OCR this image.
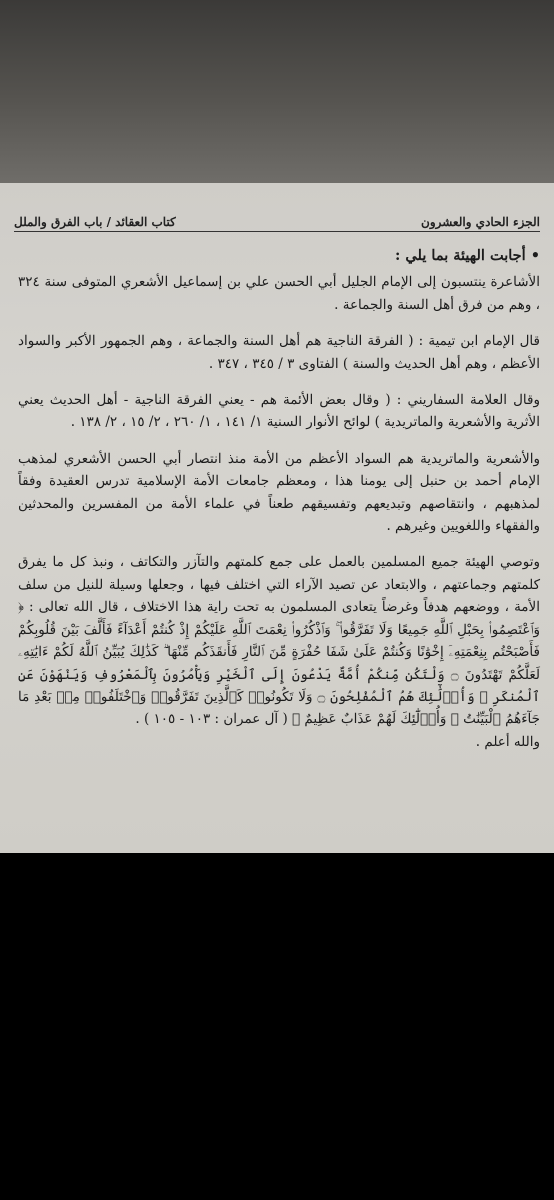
كتاب العقائد / باب الفرق والملل	الجزء الحادي والعشرون

• أجابت الهيئة بما يلي :

الأشاعرة ينتسبون إلى الإمام الجليل أبي الحسن علي بن إسماعيل الأشعري المتوفى سنة ٣٢٤ ، وهم من فرق أهل السنة والجماعة .

قال الإمام ابن تيمية : ( الفرقة الناجية هم أهل السنة والجماعة ، وهم الجمهور الأكبر والسواد الأعظم ، وهم أهل الحديث والسنة ) الفتاوى ٣ / ٣٤٥ ، ٣٤٧ .

وقال العلامة السفاريني : ( وقال بعض الأئمة هم - يعني الفرقة الناجية - أهل الحديث يعني الأثرية والأشعرية والماتريدية ) لوائح الأنوار السنية ١/ ١٤١ ، ١/ ٢٦٠ ، ٢/ ١٥ ، ٢/ ١٣٨ .

والأشعرية والماتريدية هم السواد الأعظم من الأمة منذ انتصار أبي الحسن الأشعري لمذهب الإمام أحمد بن حنبل إلى يومنا هذا ، ومعظم جامعات الأمة الإسلامية تدرس العقيدة وفقاً لمذهبهم ، وانتقاصهم وتبديعهم وتفسيقهم طعناً في علماء الأمة من المفسرين والمحدثين والفقهاء واللغويين وغيرهم .

وتوصي الهيئة جميع المسلمين بالعمل على جمع كلمتهم والتآزر والتكاتف ، ونبذ كل ما يفرق كلمتهم وجماعتهم ، والابتعاد عن تصيد الآراء التي اختلف فيها ، وجعلها وسيلة للنيل من سلف الأمة ، ووضعهم هدفاً وغرضاً يتعادى المسلمون به تحت راية هذا الاختلاف ، قال الله تعالى : ﴿ وَٱعْتَصِمُوا۟ بِحَبْلِ ٱللَّهِ جَمِيعًا وَلَا تَفَرَّقُوا۟ ۚ وَٱذْكُرُوا۟ نِعْمَتَ ٱللَّهِ عَلَيْكُمْ إِذْ كُنتُمْ أَعْدَآءً فَأَلَّفَ بَيْنَ قُلُوبِكُمْ فَأَصْبَحْتُم بِنِعْمَتِهِۦٓ إِخْوَٰنًا وَكُنتُمْ عَلَىٰ شَفَا حُفْرَةٍ مِّنَ ٱلنَّارِ فَأَنقَذَكُم مِّنْهَا ۗ كَذَٰلِكَ يُبَيِّنُ ٱللَّهُ لَكُمْ ءَايَٰتِهِۦ لَعَلَّكُمْ تَهْتَدُونَ ۝ وَلْتَكُن مِّنكُمْ أُمَّةٌ يَدْعُونَ إِلَى ٱلْخَيْرِ وَيَأْمُرُونَ بِٱلْمَعْرُوفِ وَيَنْهَوْنَ عَنِ ٱلْمُنكَرِ ۚ وَأُو۟لَٰٓئِكَ هُمُ ٱلْمُفْلِحُونَ ۝ وَلَا تَكُونُوا۟ كَٱلَّذِينَ تَفَرَّقُوا۟ وَٱخْتَلَفُوا۟ مِنۢ بَعْدِ مَا جَآءَهُمُ ٱلْبَيِّنَٰتُ ۚ وَأُو۟لَٰٓئِكَ لَهُمْ عَذَابٌ عَظِيمٌ ﴾ ( آل عمران : ١٠٣ - ١٠٥ ) .

والله أعلم .
